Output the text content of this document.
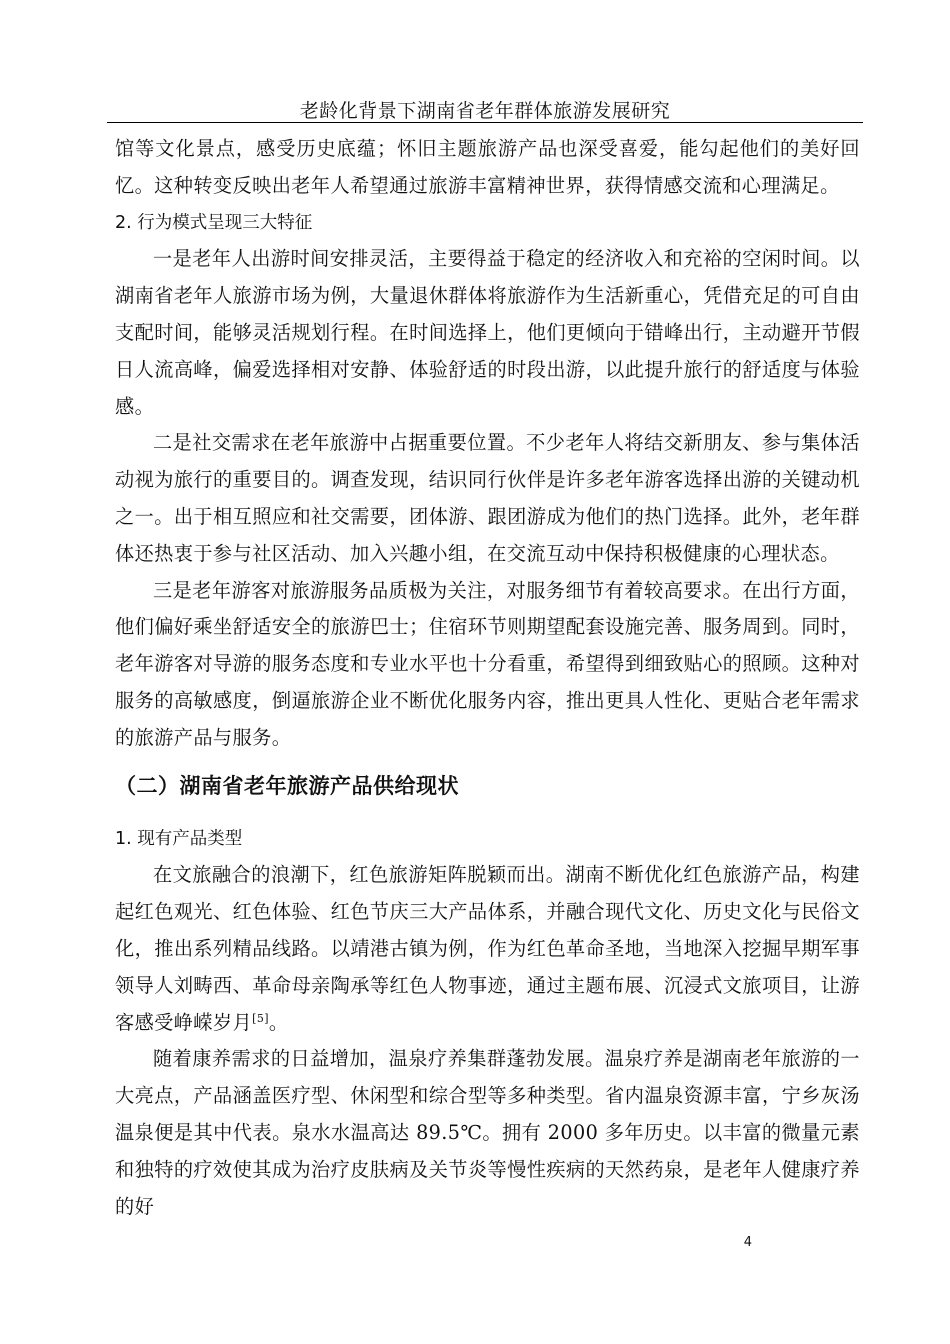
老龄化背景下湖南省老年群体旅游发展研究

馆等文化景点，感受历史底蕴；怀旧主题旅游产品也深受喜爱，能勾起他们的美好回忆。这种转变反映出老年人希望通过旅游丰富精神世界，获得情感交流和心理满足。

2. 行为模式呈现三大特征

一是老年人出游时间安排灵活，主要得益于稳定的经济收入和充裕的空闲时间。以湖南省老年人旅游市场为例，大量退休群体将旅游作为生活新重心，凭借充足的可自由支配时间，能够灵活规划行程。在时间选择上，他们更倾向于错峰出行，主动避开节假日人流高峰，偏爱选择相对安静、体验舒适的时段出游，以此提升旅行的舒适度与体验感。

二是社交需求在老年旅游中占据重要位置。不少老年人将结交新朋友、参与集体活动视为旅行的重要目的。调查发现，结识同行伙伴是许多老年游客选择出游的关键动机之一。出于相互照应和社交需要，团体游、跟团游成为他们的热门选择。此外，老年群体还热衷于参与社区活动、加入兴趣小组，在交流互动中保持积极健康的心理状态。

三是老年游客对旅游服务品质极为关注，对服务细节有着较高要求。在出行方面，他们偏好乘坐舒适安全的旅游巴士；住宿环节则期望配套设施完善、服务周到。同时，老年游客对导游的服务态度和专业水平也十分看重，希望得到细致贴心的照顾。这种对服务的高敏感度，倒逼旅游企业不断优化服务内容，推出更具人性化、更贴合老年需求的旅游产品与服务。

（二）湖南省老年旅游产品供给现状

1. 现有产品类型

在文旅融合的浪潮下，红色旅游矩阵脱颖而出。湖南不断优化红色旅游产品，构建起红色观光、红色体验、红色节庆三大产品体系，并融合现代文化、历史文化与民俗文化，推出系列精品线路。以靖港古镇为例，作为红色革命圣地，当地深入挖掘早期军事领导人刘畴西、革命母亲陶承等红色人物事迹，通过主题布展、沉浸式文旅项目，让游客感受峥嵘岁月[5]。

随着康养需求的日益增加，温泉疗养集群蓬勃发展。温泉疗养是湖南老年旅游的一大亮点，产品涵盖医疗型、休闲型和综合型等多种类型。省内温泉资源丰富，宁乡灰汤温泉便是其中代表。泉水水温高达 89.5℃。拥有 2000 多年历史。以丰富的微量元素和独特的疗效使其成为治疗皮肤病及关节炎等慢性疾病的天然药泉，是老年人健康疗养的好

4
